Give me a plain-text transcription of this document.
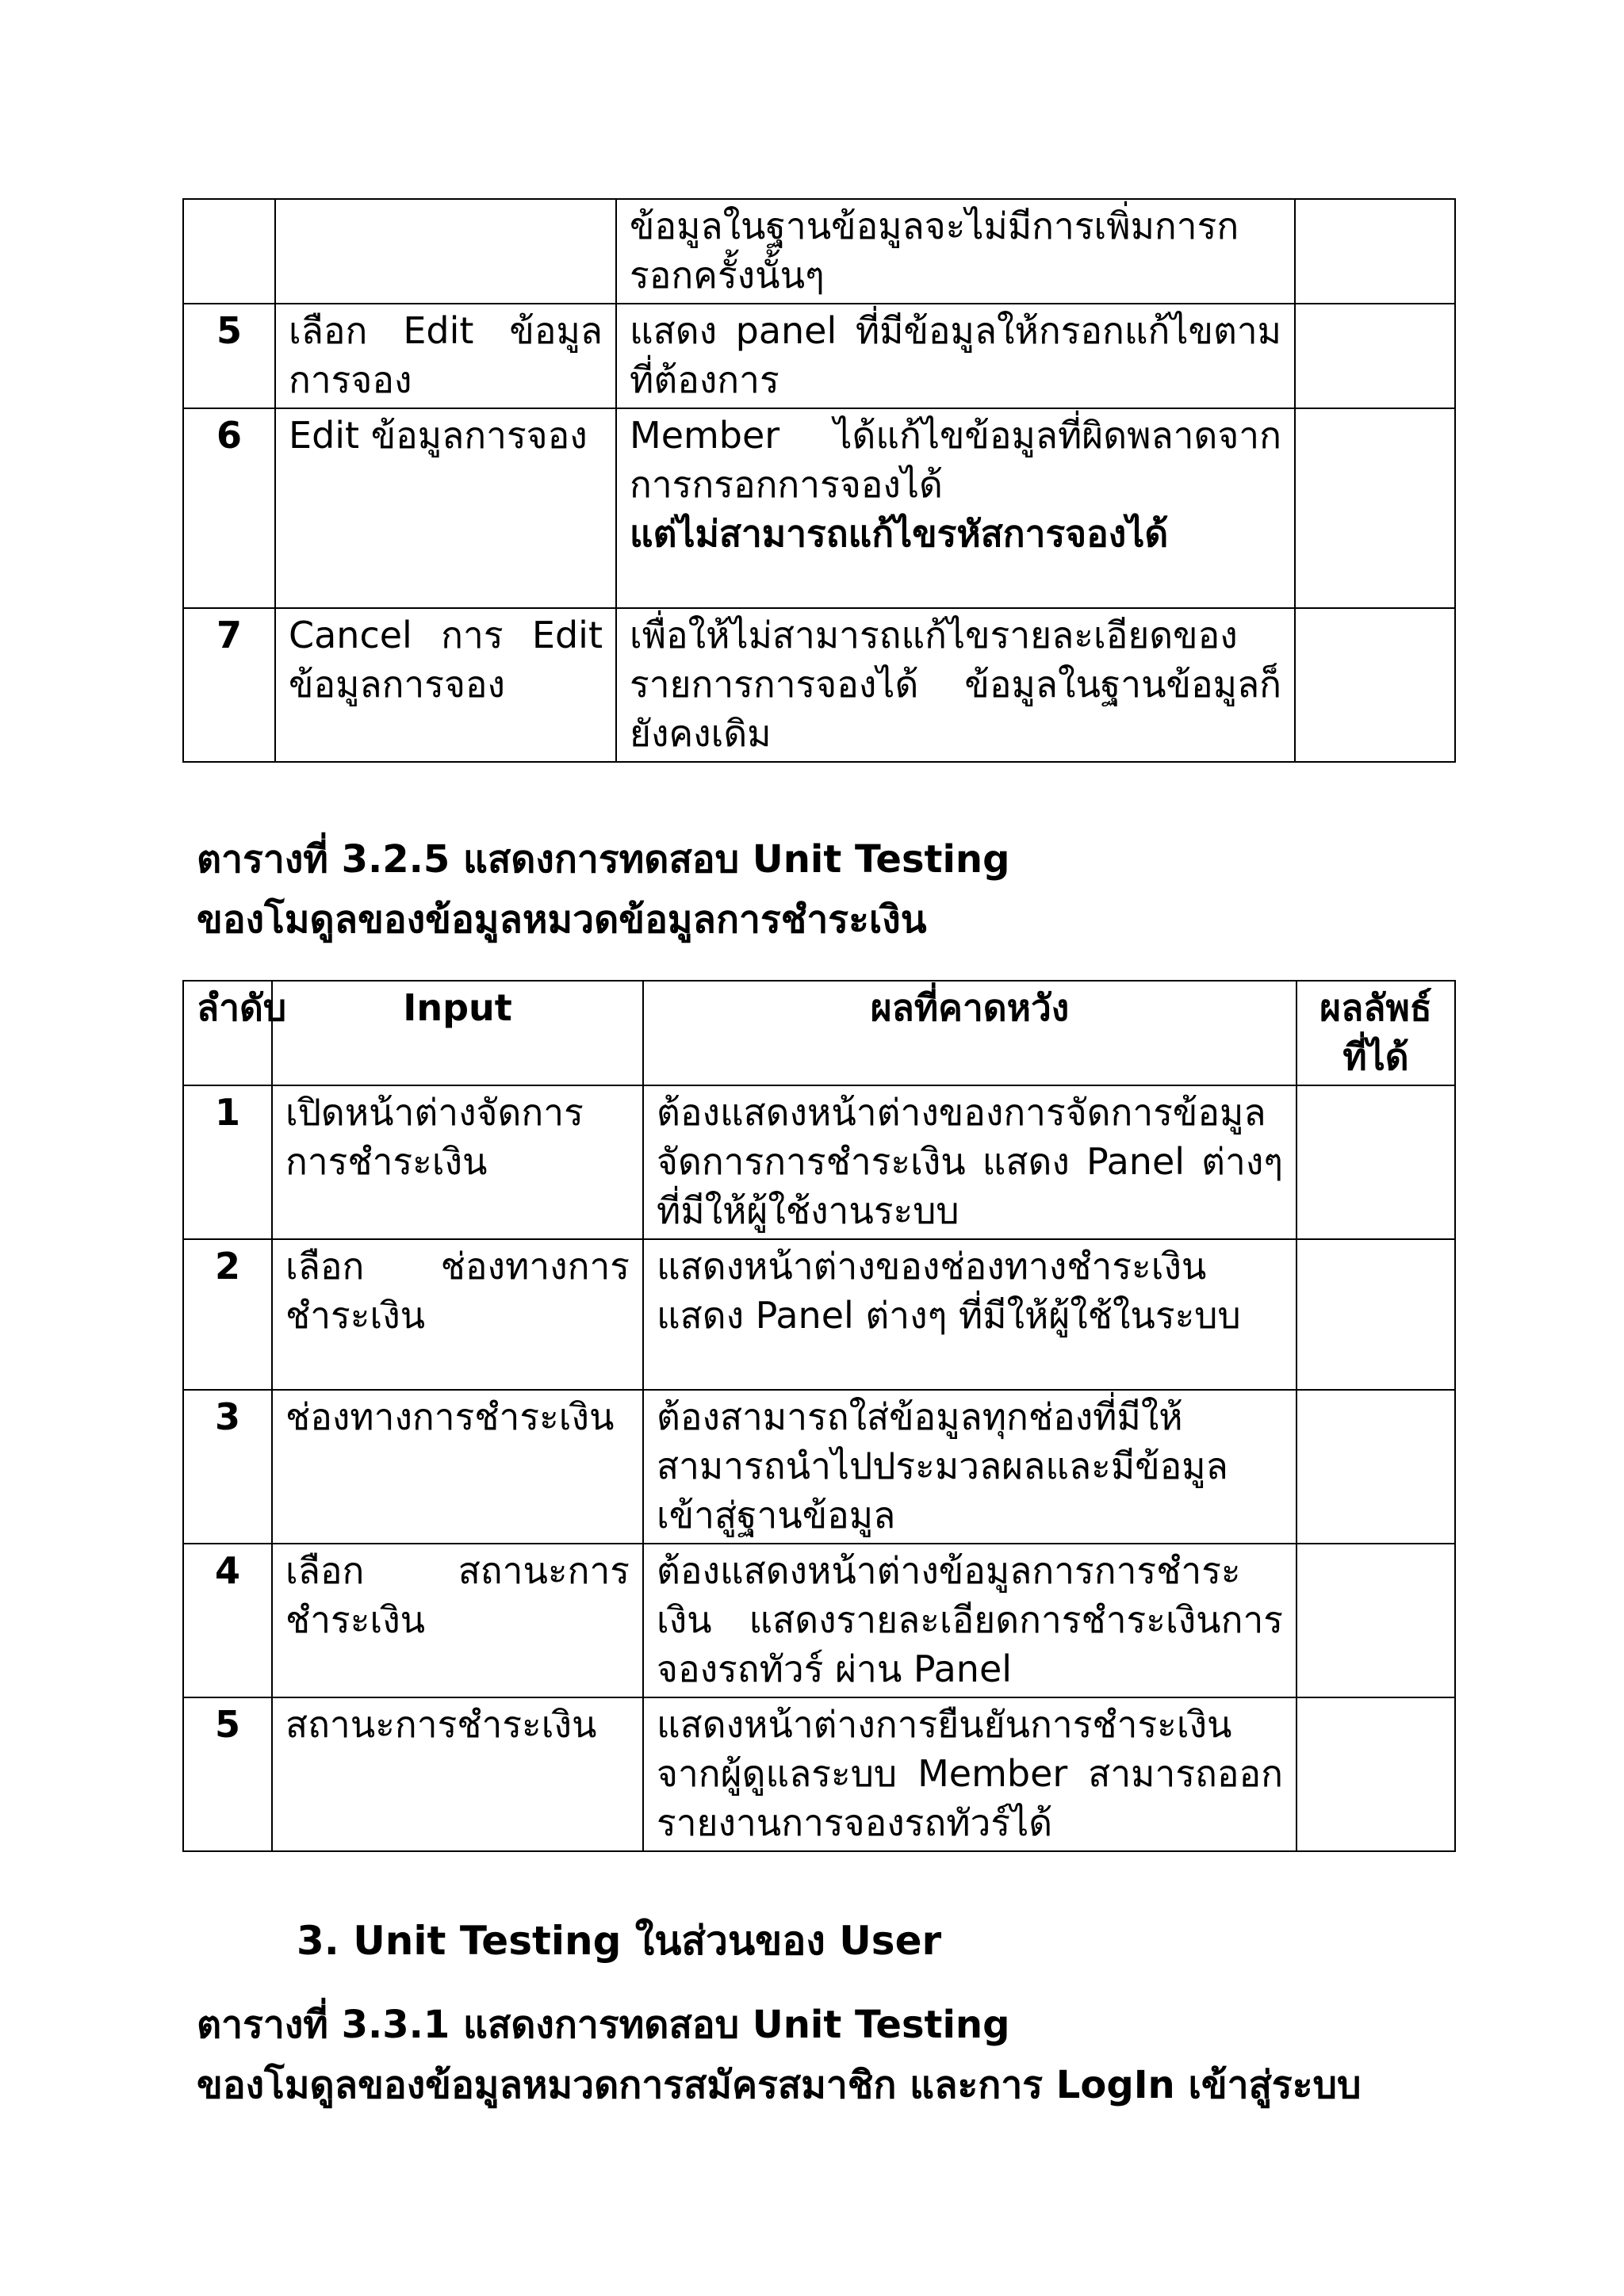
		ข้อมูลในฐานข้อมูลจะไม่มีการเพิ่มการกรอกครั้งนั้นๆ	
5	เลือก Edit ข้อมูลการจอง	แสดง panel ที่มีข้อมูลให้กรอกแก้ไขตามที่ต้องการ	
6	Edit ข้อมูลการจอง	Member ได้แก้ไขข้อมูลที่ผิดพลาดจากการกรอกการจองได้
แต่ไม่สามารถแก้ไขรหัสการจองได้	

7	Cancel การ Edit ข้อมูลการจอง	เพื่อให้ไม่สามารถแก้ไขรายละเอียดของรายการการจองได้ ข้อมูลในฐานข้อมูลก็ยังคงเดิม	
ตารางที่ 3.2.5 แสดงการทดสอบ Unit Testing
ของโมดูลของข้อมูลหมวดข้อมูลการชำระเงิน
ลำดับ	Input	ผลที่คาดหวัง	ผลลัพธ์ที่ได้
1	เปิดหน้าต่างจัดการการชำระเงิน	ต้องแสดงหน้าต่างของการจัดการข้อมูลจัดการการชำระเงิน แสดง Panel ต่างๆ ที่มีให้ผู้ใช้งานระบบ	
2	เลือก ช่องทางการชำระเงิน	แสดงหน้าต่างของช่องทางชำระเงิน แสดง Panel ต่างๆ ที่มีให้ผู้ใช้ในระบบ	
3	ช่องทางการชำระเงิน	ต้องสามารถใส่ข้อมูลทุกช่องที่มีให้สามารถนำไปประมวลผลและมีข้อมูลเข้าสู่ฐานข้อมูล	
4	เลือก สถานะการชำระเงิน	ต้องแสดงหน้าต่างข้อมูลการการชำระเงิน แสดงรายละเอียดการชำระเงินการจองรถทัวร์ ผ่าน Panel	
5	สถานะการชำระเงิน	แสดงหน้าต่างการยืนยันการชำระเงินจากผู้ดูแลระบบ Member สามารถออกรายงานการจองรถทัวร์ได้	
3. Unit Testing ในส่วนของ User
ตารางที่ 3.3.1 แสดงการทดสอบ Unit Testing
ของโมดูลของข้อมูลหมวดการสมัครสมาชิก และการ LogIn เข้าสู่ระบบ
